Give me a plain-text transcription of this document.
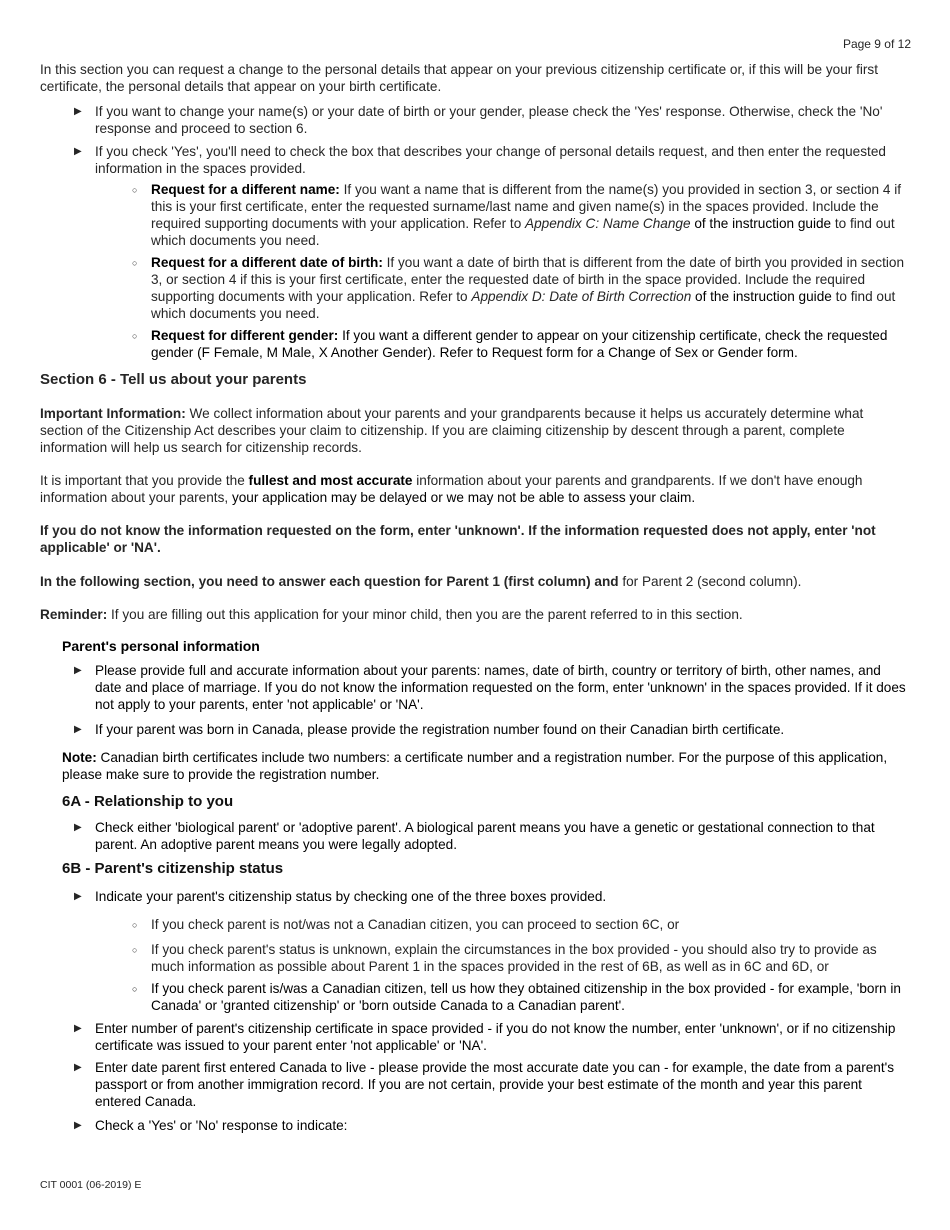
Page 9 of 12

In this section you can request a change to the personal details that appear on your previous citizenship certificate or, if this will be your first certificate, the personal details that appear on your birth certificate.

▶ If you want to change your name(s) or your date of birth or your gender, please check the 'Yes' response. Otherwise, check the 'No' response and proceed to section 6.
▶ If you check 'Yes', you'll need to check the box that describes your change of personal details request, and then enter the requested information in the spaces provided.
○ Request for a different name: If you want a name that is different from the name(s) you provided in section 3, or section 4 if this is your first certificate, enter the requested surname/last name and given name(s) in the spaces provided. Include the required supporting documents with your application. Refer to Appendix C: Name Change of the instruction guide to find out which documents you need.
○ Request for a different date of birth: If you want a date of birth that is different from the date of birth you provided in section 3, or section 4 if this is your first certificate, enter the requested date of birth in the space provided. Include the required supporting documents with your application. Refer to Appendix D: Date of Birth Correction of the instruction guide to find out which documents you need.
○ Request for different gender: If you want a different gender to appear on your citizenship certificate, check the requested gender (F Female, M Male, X Another Gender). Refer to Request form for a Change of Sex or Gender form.
Section 6 - Tell us about your parents

Important Information: We collect information about your parents and your grandparents because it helps us accurately determine what section of the Citizenship Act describes your claim to citizenship. If you are claiming citizenship by descent through a parent, complete information will help us search for citizenship records.

It is important that you provide the fullest and most accurate information about your parents and grandparents. If we don't have enough information about your parents, your application may be delayed or we may not be able to assess your claim.

If you do not know the information requested on the form, enter 'unknown'. If the information requested does not apply, enter 'not applicable' or 'NA'.

In the following section, you need to answer each question for Parent 1 (first column) and for Parent 2 (second column).

Reminder: If you are filling out this application for your minor child, then you are the parent referred to in this section.

Parent's personal information
▶ Please provide full and accurate information about your parents: names, date of birth, country or territory of birth, other names, and date and place of marriage. If you do not know the information requested on the form, enter 'unknown' in the spaces provided. If it does not apply to your parents, enter 'not applicable' or 'NA'.
▶ If your parent was born in Canada, please provide the registration number found on their Canadian birth certificate.

Note: Canadian birth certificates include two numbers: a certificate number and a registration number. For the purpose of this application, please make sure to provide the registration number.

6A - Relationship to you
▶ Check either 'biological parent' or 'adoptive parent'. A biological parent means you have a genetic or gestational connection to that parent. An adoptive parent means you were legally adopted.
6B - Parent's citizenship status
▶ Indicate your parent's citizenship status by checking one of the three boxes provided.
○ If you check parent is not/was not a Canadian citizen, you can proceed to section 6C, or
○ If you check parent's status is unknown, explain the circumstances in the box provided - you should also try to provide as much information as possible about Parent 1 in the spaces provided in the rest of 6B, as well as in 6C and 6D, or
○ If you check parent is/was a Canadian citizen, tell us how they obtained citizenship in the box provided - for example, 'born in Canada' or 'granted citizenship' or 'born outside Canada to a Canadian parent'.
▶ Enter number of parent's citizenship certificate in space provided - if you do not know the number, enter 'unknown', or if no citizenship certificate was issued to your parent enter 'not applicable' or 'NA'.
▶ Enter date parent first entered Canada to live - please provide the most accurate date you can - for example, the date from a parent's passport or from another immigration record. If you are not certain, provide your best estimate of the month and year this parent entered Canada.
▶ Check a 'Yes' or 'No' response to indicate:
CIT 0001 (06-2019) E
